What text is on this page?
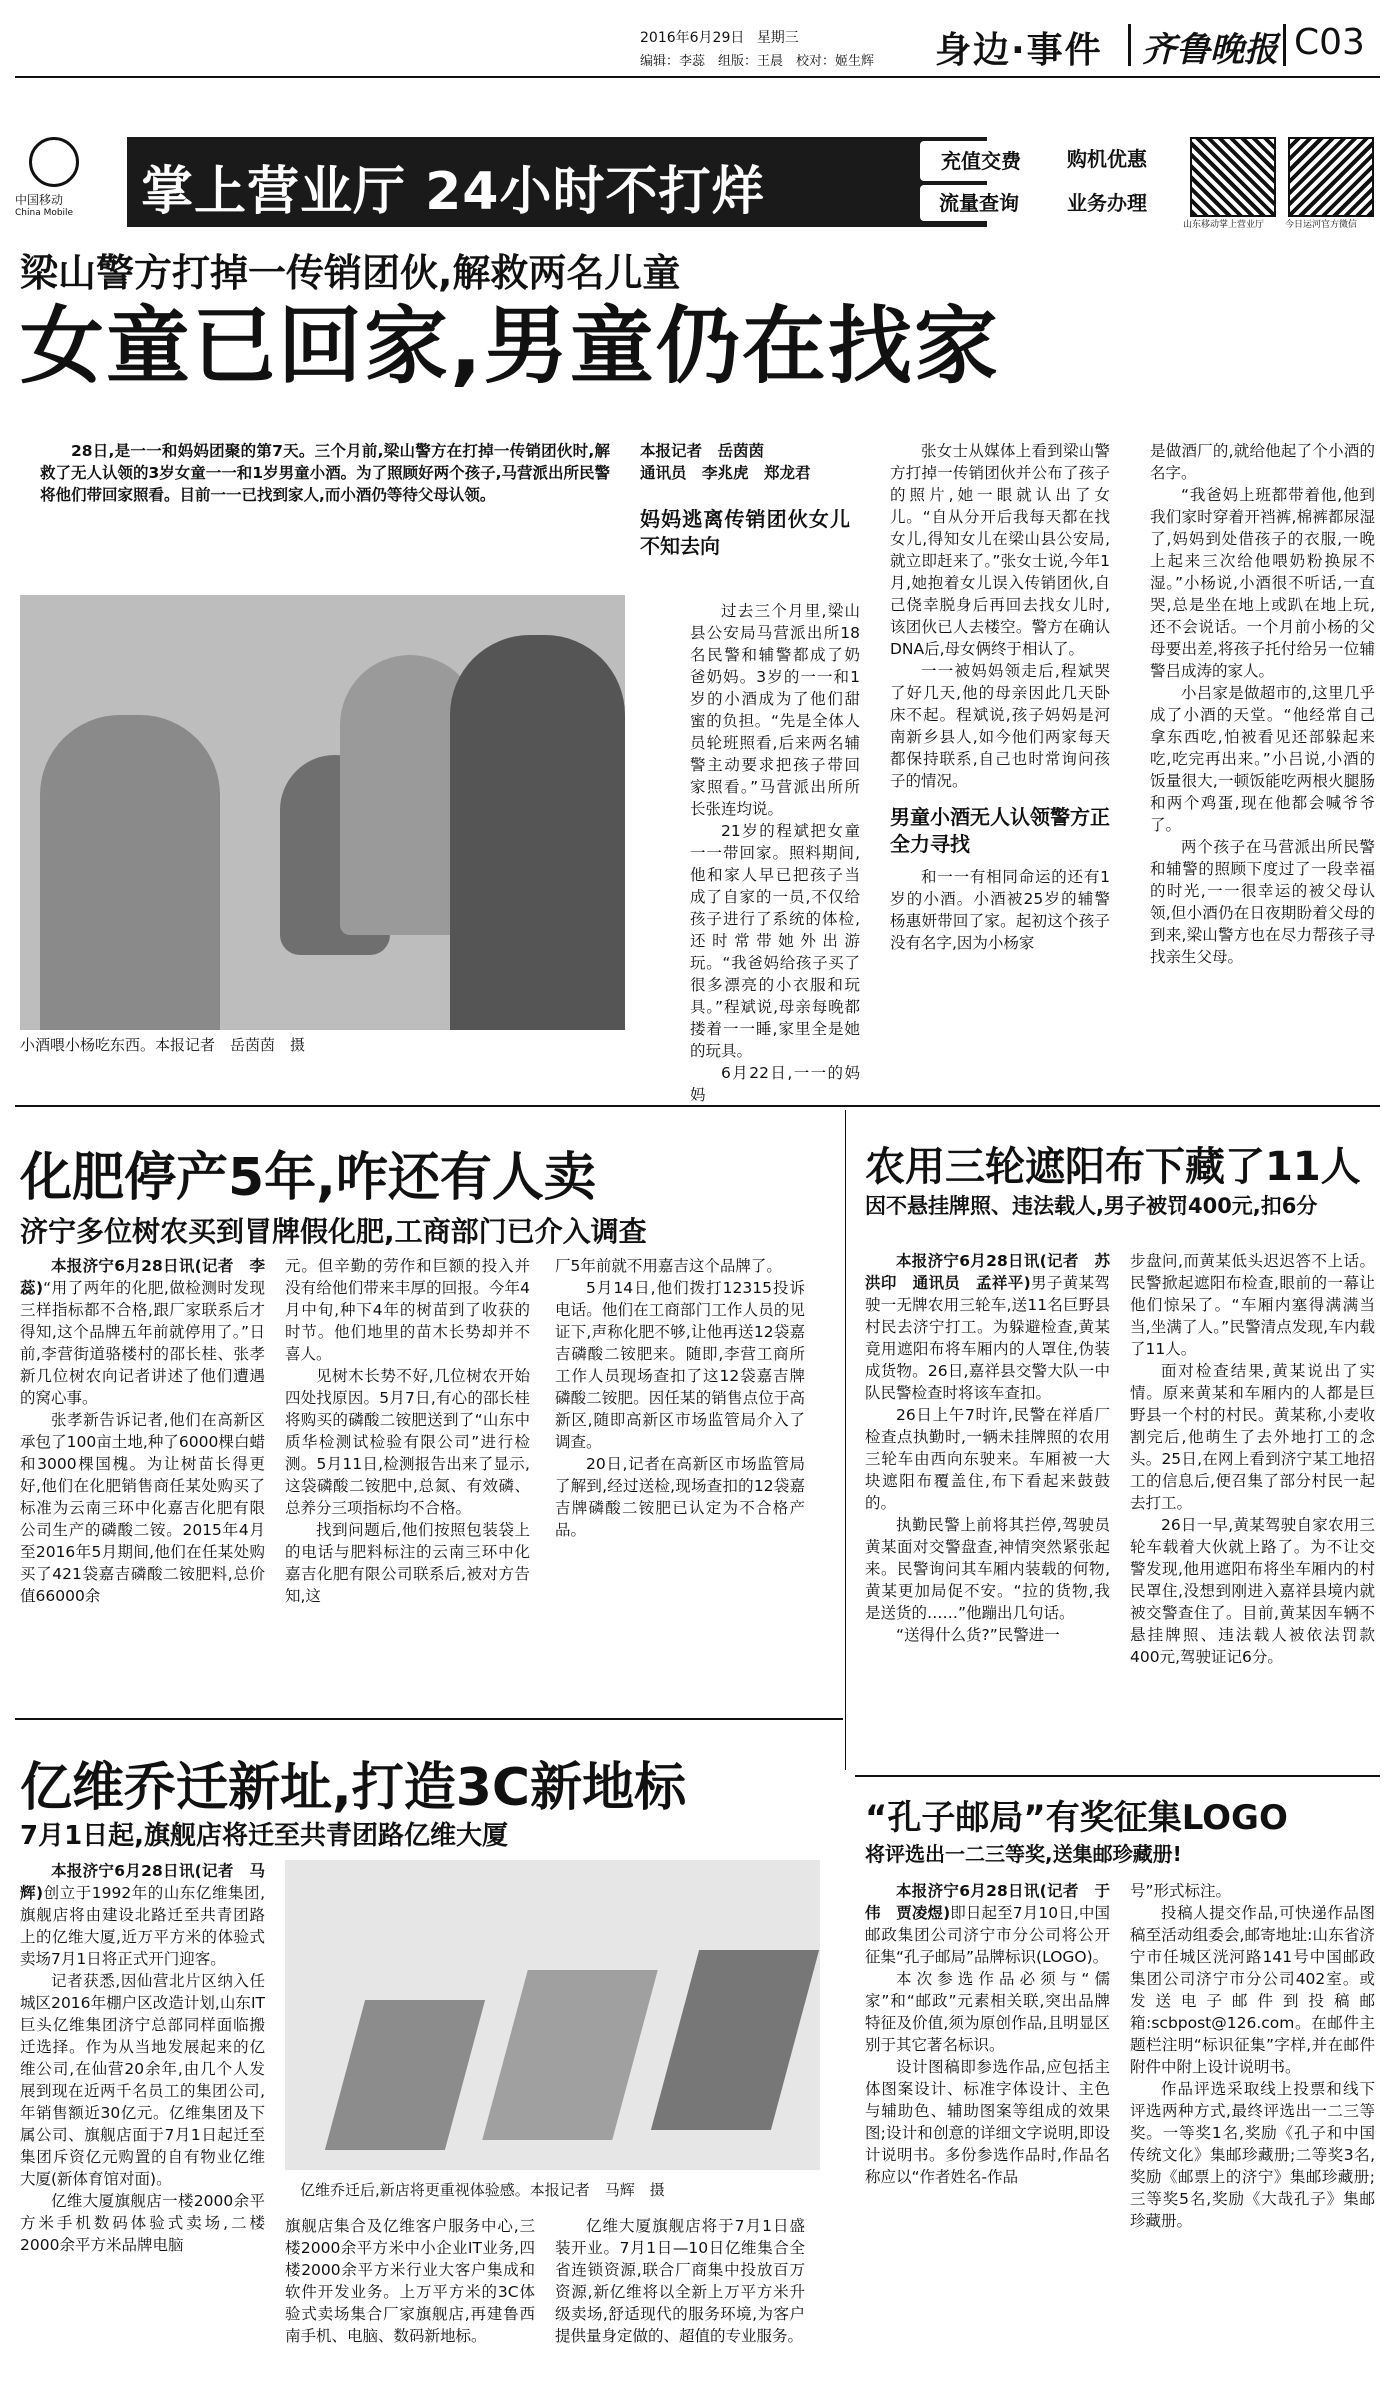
2016年6月29日 星期三
编辑：李蕊　组版：王晨　校对：姬生辉 身边·事件 齐鲁晚报 C03
中国移动
China Mobile	掌上营业厅 24小时不打烊
充值交费	购机优惠
流量查询	业务办理
山东移动掌上营业厅 今日运河官方微信
梁山警方打掉一传销团伙,解救两名儿童
女童已回家,男童仍在找家

28日,是一一和妈妈团聚的第7天。三个月前,梁山警方在打掉一传销团伙时,解救了无人认领的3岁女童一一和1岁男童小酒。为了照顾好两个孩子,马营派出所民警将他们带回家照看。目前一一已找到家人,而小酒仍等待父母认领。

小酒喂小杨吃东西。本报记者　岳茵茵　摄

本报记者　岳茵茵

通讯员　李兆虎　郑龙君

妈妈逃离传销团伙女儿不知去向

过去三个月里,梁山县公安局马营派出所18名民警和辅警都成了奶爸奶妈。3岁的一一和1岁的小酒成为了他们甜蜜的负担。“先是全体人员轮班照看,后来两名辅警主动要求把孩子带回家照看。”马营派出所所长张连均说。

21岁的程斌把女童一一带回家。照料期间,他和家人早已把孩子当成了自家的一员,不仅给孩子进行了系统的体检,还时常带她外出游玩。“我爸妈给孩子买了很多漂亮的小衣服和玩具。”程斌说,母亲每晚都搂着一一睡,家里全是她的玩具。

6月22日,一一的妈妈

张女士从媒体上看到梁山警方打掉一传销团伙并公布了孩子的照片,她一眼就认出了女儿。“自从分开后我每天都在找女儿,得知女儿在梁山县公安局,就立即赶来了。”张女士说,今年1月,她抱着女儿误入传销团伙,自己侥幸脱身后再回去找女儿时,该团伙已人去楼空。警方在确认DNA后,母女俩终于相认了。

一一被妈妈领走后,程斌哭了好几天,他的母亲因此几天卧床不起。程斌说,孩子妈妈是河南新乡县人,如今他们两家每天都保持联系,自己也时常询问孩子的情况。

男童小酒无人认领警方正全力寻找

和一一有相同命运的还有1岁的小酒。小酒被25岁的辅警杨惠妍带回了家。起初这个孩子没有名字,因为小杨家

是做酒厂的,就给他起了个小酒的名字。

“我爸妈上班都带着他,他到我们家时穿着开裆裤,棉裤都尿湿了,妈妈到处借孩子的衣服,一晚上起来三次给他喂奶粉换尿不湿。”小杨说,小酒很不听话,一直哭,总是坐在地上或趴在地上玩,还不会说话。一个月前小杨的父母要出差,将孩子托付给另一位辅警吕成涛的家人。

小吕家是做超市的,这里几乎成了小酒的天堂。“他经常自己拿东西吃,怕被看见还部躲起来吃,吃完再出来。”小吕说,小酒的饭量很大,一顿饭能吃两根火腿肠和两个鸡蛋,现在他都会喊爷爷了。

两个孩子在马营派出所民警和辅警的照顾下度过了一段幸福的时光,一一很幸运的被父母认领,但小酒仍在日夜期盼着父母的到来,梁山警方也在尽力帮孩子寻找亲生父母。

化肥停产5年,咋还有人卖
济宁多位树农买到冒牌假化肥,工商部门已介入调查

本报济宁6月28日讯(记者　李蕊)“用了两年的化肥,做检测时发现三样指标都不合格,跟厂家联系后才得知,这个品牌五年前就停用了。”日前,李营街道骆楼村的邵长桂、张孝新几位树农向记者讲述了他们遭遇的窝心事。

张孝新告诉记者,他们在高新区承包了100亩土地,种了6000棵白蜡和3000棵国槐。为让树苗长得更好,他们在化肥销售商任某处购买了标准为云南三环中化嘉吉化肥有限公司生产的磷酸二铵。2015年4月至2016年5月期间,他们在任某处购买了421袋嘉吉磷酸二铵肥料,总价值66000余

元。但辛勤的劳作和巨额的投入并没有给他们带来丰厚的回报。今年4月中旬,种下4年的树苗到了收获的时节。他们地里的苗木长势却并不喜人。

见树木长势不好,几位树农开始四处找原因。5月7日,有心的邵长桂将购买的磷酸二铵肥送到了“山东中质华检测试检验有限公司”进行检测。5月11日,检测报告出来了显示,这袋磷酸二铵肥中,总氮、有效磷、总养分三项指标均不合格。

找到问题后,他们按照包装袋上的电话与肥料标注的云南三环中化嘉吉化肥有限公司联系后,被对方告知,这

厂5年前就不用嘉吉这个品牌了。

5月14日,他们拨打12315投诉电话。他们在工商部门工作人员的见证下,声称化肥不够,让他再送12袋嘉吉磷酸二铵肥来。随即,李营工商所工作人员现场查扣了这12袋嘉吉牌磷酸二铵肥。因任某的销售点位于高新区,随即高新区市场监管局介入了调查。

20日,记者在高新区市场监管局了解到,经过送检,现场查扣的12袋嘉吉牌磷酸二铵肥已认定为不合格产品。

农用三轮遮阳布下藏了11人
因不悬挂牌照、违法载人,男子被罚400元,扣6分

本报济宁6月28日讯(记者　苏洪印　通讯员　孟祥平)男子黄某驾驶一无牌农用三轮车,送11名巨野县村民去济宁打工。为躲避检查,黄某竟用遮阳布将车厢内的人罩住,伪装成货物。26日,嘉祥县交警大队一中队民警检查时将该车查扣。

26日上午7时许,民警在祥盾厂检查点执勤时,一辆未挂牌照的农用三轮车由西向东驶来。车厢被一大块遮阳布覆盖住,布下看起来鼓鼓的。

执勤民警上前将其拦停,驾驶员黄某面对交警盘查,神情突然紧张起来。民警询问其车厢内装载的何物,黄某更加局促不安。“拉的货物,我是送货的……”他蹦出几句话。

“送得什么货?”民警进一

步盘问,而黄某低头迟迟答不上话。民警掀起遮阳布检查,眼前的一幕让他们惊呆了。“车厢内塞得满满当当,坐满了人。”民警清点发现,车内载了11人。

面对检查结果,黄某说出了实情。原来黄某和车厢内的人都是巨野县一个村的村民。黄某称,小麦收割完后,他萌生了去外地打工的念头。25日,在网上看到济宁某工地招工的信息后,便召集了部分村民一起去打工。

26日一早,黄某驾驶自家农用三轮车载着大伙就上路了。为不让交警发现,他用遮阳布将坐车厢内的村民罩住,没想到刚进入嘉祥县境内就被交警查住了。目前,黄某因车辆不悬挂牌照、违法载人被依法罚款400元,驾驶证记6分。

亿维乔迁新址,打造3C新地标
7月1日起,旗舰店将迁至共青团路亿维大厦

本报济宁6月28日讯(记者　马辉)创立于1992年的山东亿维集团,旗舰店将由建设北路迁至共青团路上的亿维大厦,近万平方米的体验式卖场7月1日将正式开门迎客。

记者获悉,因仙营北片区纳入任城区2016年棚户区改造计划,山东IT巨头亿维集团济宁总部同样面临搬迁选择。作为从当地发展起来的亿维公司,在仙营20余年,由几个人发展到现在近两千名员工的集团公司,年销售额近30亿元。亿维集团及下属公司、旗舰店面于7月1日起迁至集团斥资亿元购置的自有物业亿维大厦(新体育馆对面)。

亿维大厦旗舰店一楼2000余平方米手机数码体验式卖场,二楼2000余平方米品牌电脑

亿维乔迁后,新店将更重视体验感。本报记者　马辉　摄

旗舰店集合及亿维客户服务中心,三楼2000余平方米中小企业IT业务,四楼2000余平方米行业大客户集成和软件开发业务。上万平方米的3C体验式卖场集合厂家旗舰店,再建鲁西南手机、电脑、数码新地标。

亿维大厦旗舰店将于7月1日盛装开业。7月1日—10日亿维集合全省连锁资源,联合厂商集中投放百万资源,新亿维将以全新上万平方米升级卖场,舒适现代的服务环境,为客户提供量身定做的、超值的专业服务。

“孔子邮局”有奖征集LOGO
将评选出一二三等奖,送集邮珍藏册!

本报济宁6月28日讯(记者　于伟　贾凌煜)即日起至7月10日,中国邮政集团公司济宁市分公司将公开征集“孔子邮局”品牌标识(LOGO)。

本次参选作品必须与“儒家”和“邮政”元素相关联,突出品牌特征及价值,须为原创作品,且明显区别于其它著名标识。

设计图稿即参选作品,应包括主体图案设计、标准字体设计、主色与辅助色、辅助图案等组成的效果图;设计和创意的详细文字说明,即设计说明书。多份参选作品时,作品名称应以“作者姓名-作品

号”形式标注。

投稿人提交作品,可快递作品图稿至活动组委会,邮寄地址:山东省济宁市任城区洸河路141号中国邮政集团公司济宁市分公司402室。或发送电子邮件到投稿邮箱:scbpost@126.com。在邮件主题栏注明“标识征集”字样,并在邮件附件中附上设计说明书。

作品评选采取线上投票和线下评选两种方式,最终评选出一二三等奖。一等奖1名,奖励《孔子和中国传统文化》集邮珍藏册;二等奖3名,奖励《邮票上的济宁》集邮珍藏册;三等奖5名,奖励《大哉孔子》集邮珍藏册。
